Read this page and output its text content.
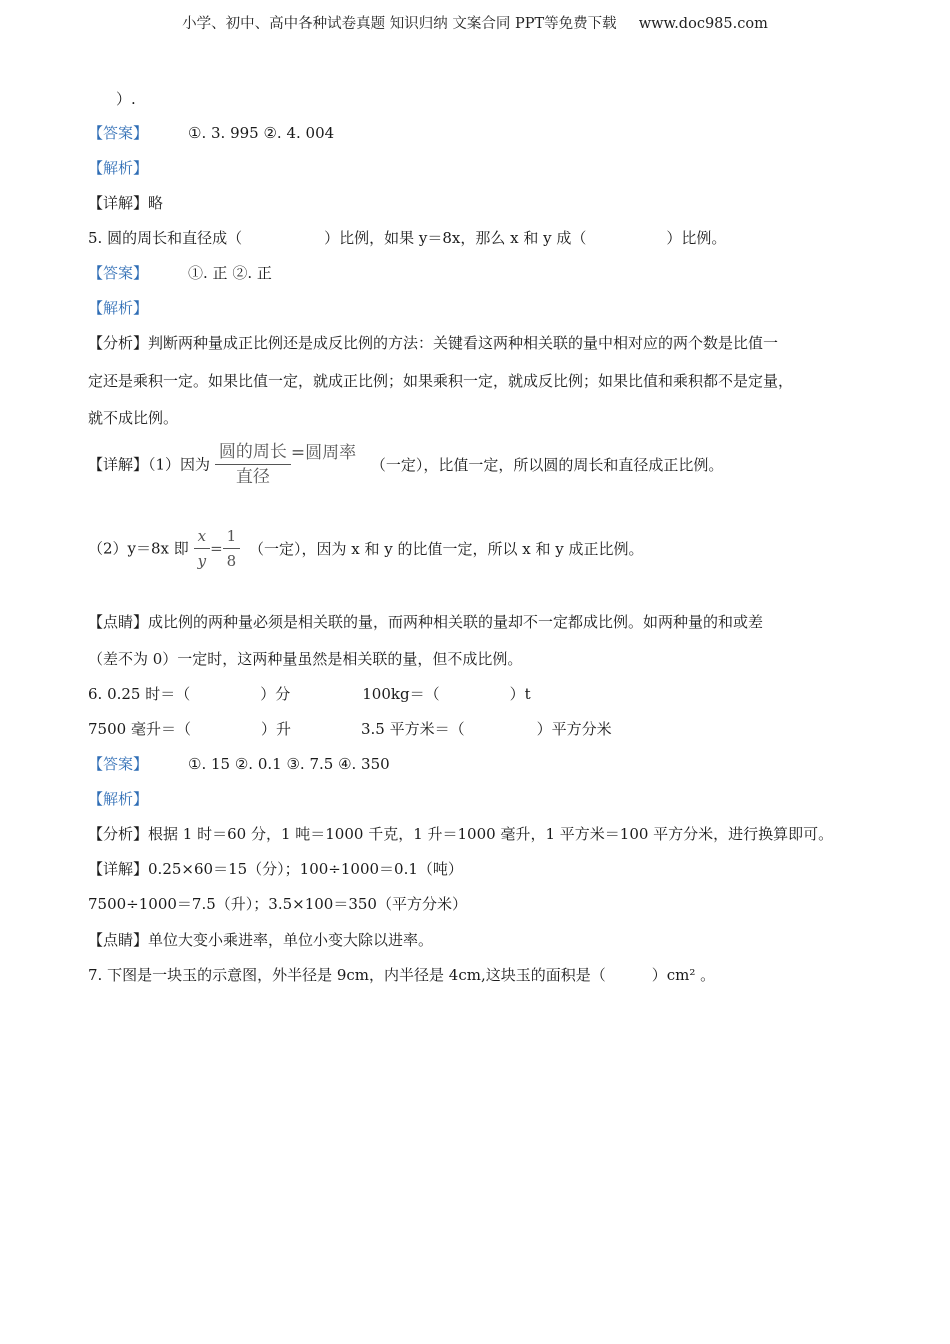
小学、初中、高中各种试卷真题 知识归纳 文案合同 PPT等免费下载 www.doc985.com
）.
【答案】	①. 3. 995 ②. 4. 004
【解析】
【详解】略
5. 圆的周长和直径成（	）比例，如果 y＝8x，那么 x 和 y 成（	）比例。
【答案】	①. 正 ②. 正
【解析】
【分析】判断两种量成正比例还是成反比例的方法：关键看这两种相关联的量中相对应的两个数是比值一
定还是乘积一定。如果比值一定，就成正比例；如果乘积一定，就成反比例；如果比值和乘积都不是定量，
就不成比例。
【详解】（1）因为 $\frac{\text{圆的周长}}{\text{直径}}$ =圆周率 （一定），比值一定，所以圆的周长和直径成正比例。
（2）y＝8x 即 $\frac{x}{y} = \frac{1}{8}$ （一定），因为 x 和 y 的比值一定，所以 x 和 y 成正比例。
【点睛】成比例的两种量必须是相关联的量，而两种相关联的量却不一定都成比例。如两种量的和或差
（差不为 0）一定时，这两种量虽然是相关联的量，但不成比例。
6. 0.25 时＝（	）分	100kg＝（	）t
7500 毫升＝（	）升	3.5 平方米＝（	）平方分米
【答案】	①. 15 ②. 0.1 ③. 7.5 ④. 350
【解析】
【分析】根据 1 时＝60 分，1 吨＝1000 千克，1 升＝1000 毫升，1 平方米＝100 平方分米，进行换算即可。
【详解】0.25×60＝15（分）；100÷1000＝0.1（吨）
7500÷1000＝7.5（升）；3.5×100＝350（平方分米）
【点睛】单位大变小乘进率，单位小变大除以进率。
7. 下图是一块玉的示意图，外半径是 9cm，内半径是 4cm,这块玉的面积是（	）cm² 。
